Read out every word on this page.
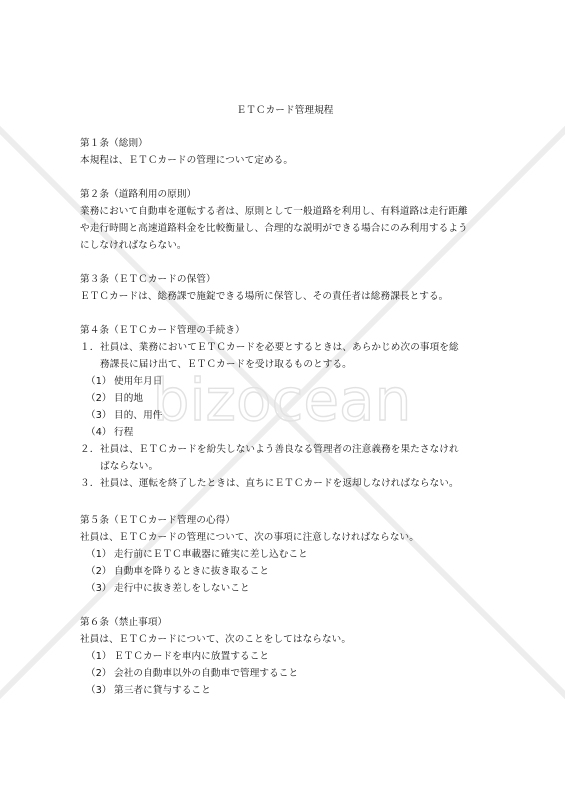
bizocean
ＥＴＣカード管理規程
第１条（総則）
本規程は、ＥＴＣカードの管理について定める。
第２条（道路利用の原則）
業務において自動車を運転する者は、原則として一般道路を利用し、有料道路は走行距離
や走行時間と高速道路料金を比較衡量し、合理的な説明ができる場合にのみ利用するよう
にしなければならない。
第３条（ＥＴＣカードの保管）
ＥＴＣカードは、総務課で施錠できる場所に保管し、その責任者は総務課長とする。
第４条（ＥＴＣカード管理の手続き）
１． 社員は、業務においてＥＴＣカードを必要とするときは、あらかじめ次の事項を総
務課長に届け出て、ＥＴＣカードを受け取るものとする。
（1） 使用年月日
（2） 目的地
（3） 目的、用件
（4） 行程
２． 社員は、ＥＴＣカードを紛失しないよう善良なる管理者の注意義務を果たさなけれ
ばならない。
３． 社員は、運転を終了したときは、直ちにＥＴＣカードを返却しなければならない。
第５条（ＥＴＣカード管理の心得）
社員は、ＥＴＣカードの管理について、次の事項に注意しなければならない。
（1） 走行前にＥＴＣ車載器に確実に差し込むこと
（2） 自動車を降りるときに抜き取ること
（3） 走行中に抜き差しをしないこと
第６条（禁止事項）
社員は、ＥＴＣカードについて、次のことをしてはならない。
（1） ＥＴＣカードを車内に放置すること
（2） 会社の自動車以外の自動車で管理すること
（3） 第三者に貸与すること
